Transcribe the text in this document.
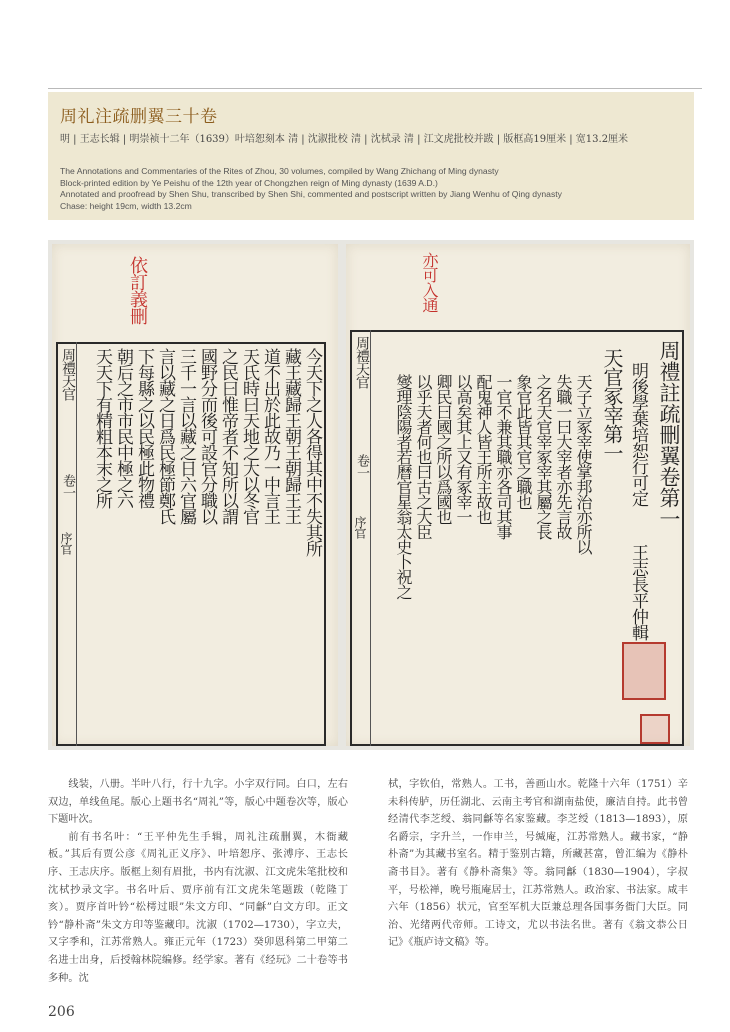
周礼注疏删翼三十卷
明 | 王志长辑 | 明崇祯十二年（1639）叶培恕刻本 清 | 沈淑批校 清 | 沈栻录 清 | 江文虎批校并跋 | 版框高19厘米 | 宽13.2厘米
The Annotations and Commentaries of the Rites of Zhou, 30 volumes, compiled by Wang Zhichang of Ming dynasty
Block-printed edition by Ye Peishu of the 12th year of Chongzhen reign of Ming dynasty (1639 A.D.)
Annotated and proofread by Shen Shu, transcribed by Shen Shi, commented and postscript written by Jiang Wenhu of Qing dynasty
Chase: height 19cm, width 13.2cm
依訂義刪
周禮天官
卷一
序官	今天下之人各得其中不失其所
藏王藏歸王朝王朝歸王王
道不出於此故乃一中言王
天氏時曰天地之大以冬官
之民曰惟帝者不知所以謂
國野分而後可設官分職以
三千一言以藏之日六官屬
言以藏之日爲民極節鄭氏
下每縣之以民極此物禮
朝后之市市民中極之六
天天下有精粗本末之所
亦可入通
周禮天官
卷一
序官	天子立冢宰使掌邦治亦所以
失職一曰大宰者亦先言故
之名天官宰冢宰其屬之長
象官此皆其官之職也
一官不兼其職亦各司其事
配鬼神人皆王所主故也
以高矣其上又有冢宰一
卿民曰國之所以爲國也
以乎天者何也曰古之大臣
燮理陰陽者若曆官星翁太史卜祝之	周禮註疏刪翼卷第一
明後學葉培恕行可定
王志長平仲輯
天官冢宰第一

线装，八册。半叶八行，行十九字。小字双行同。白口，左右双边，单线鱼尾。版心上题书名“周礼”等，版心中题卷次等，版心下题叶次。

前有书名叶：“王平仲先生手辑，周礼注疏删翼，木衙藏板。”其后有贾公彦《周礼正义序》、叶培恕序、张溥序、王志长序、王志庆序。版框上刻有眉批，书内有沈淑、江文虎朱笔批校和沈栻抄录文字。书名叶后、贾序前有江文虎朱笔题跋（乾隆丁亥）。贾序首叶钤“松樗过眼”朱文方印、“同龢”白文方印。正文钤“静朴斋”朱文方印等鉴藏印。沈淑（1702—1730），字立夫，又字季和，江苏常熟人。雍正元年（1723）癸卯恩科第二甲第二名进士出身，后授翰林院编修。经学家。著有《经玩》二十卷等书多种。沈

栻，字钦伯，常熟人。工书，善画山水。乾隆十六年（1751）辛未科传胪，历任湖北、云南主考官和湖南盐使，廉洁自持。此书曾经清代李芝绶、翁同龢等名家鉴藏。李芝绶（1813—1893），原名爵宗，字升兰，一作申兰，号缄庵，江苏常熟人。藏书家，“静朴斋”为其藏书室名。精于鉴别古籍，所藏甚富，曾汇编为《静朴斋书目》。著有《静朴斋集》等。翁同龢（1830—1904），字叔平，号松禅，晚号瓶庵居士，江苏常熟人。政治家、书法家。咸丰六年（1856）状元，官至军机大臣兼总理各国事务衙门大臣。同治、光绪两代帝师。工诗文，尤以书法名世。著有《翁文恭公日记》《瓶庐诗文稿》等。

206
